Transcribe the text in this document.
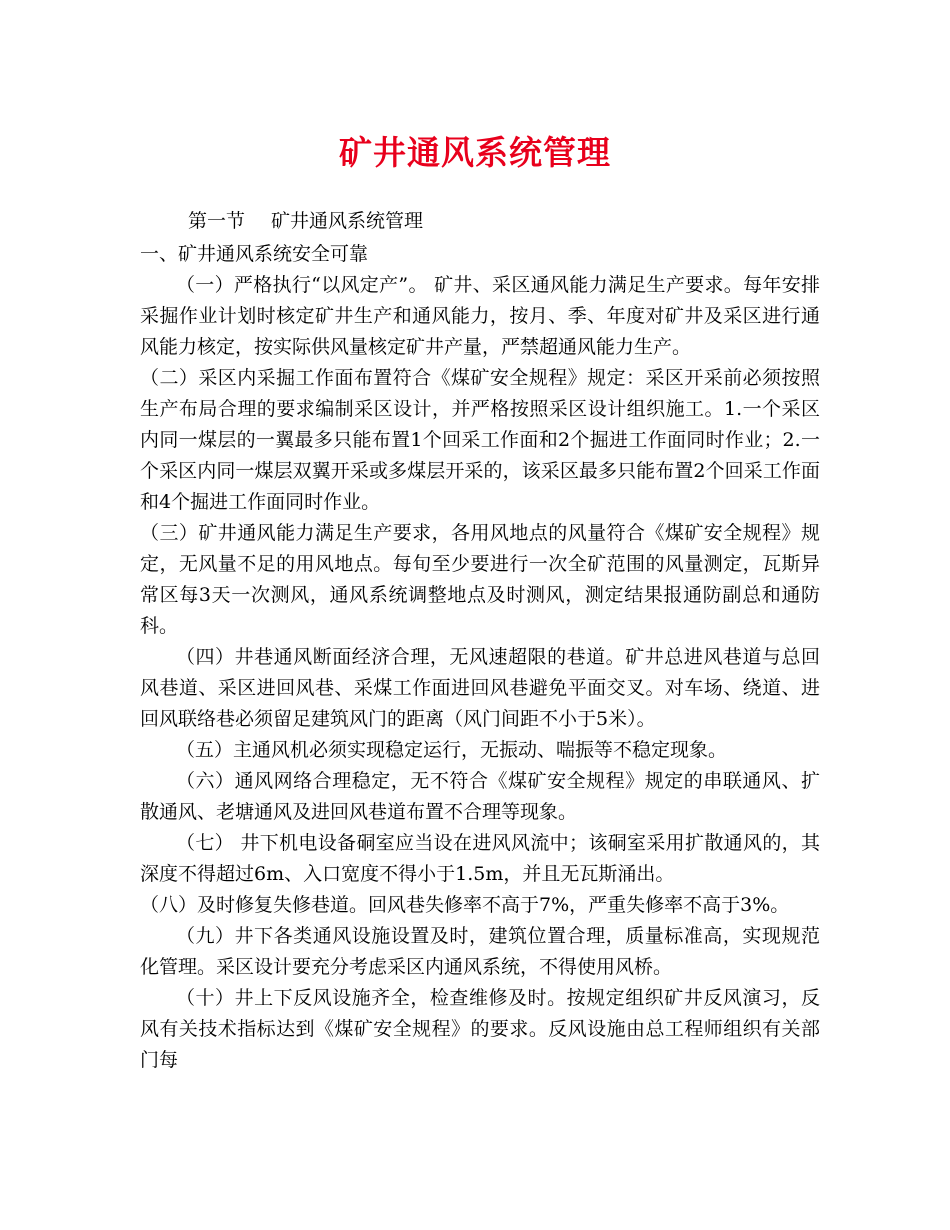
矿井通风系统管理

第一节 矿井通风系统管理

一、矿井通风系统安全可靠

（一）严格执行“以风定产”。 矿井、采区通风能力满足生产要求。每年安排采掘作业计划时核定矿井生产和通风能力，按月、季、年度对矿井及采区进行通风能力核定，按实际供风量核定矿井产量，严禁超通风能力生产。

（二）采区内采掘工作面布置符合《煤矿安全规程》规定：采区开采前必须按照生产布局合理的要求编制采区设计，并严格按照采区设计组织施工。1.一个采区内同一煤层的一翼最多只能布置1个回采工作面和2个掘进工作面同时作业；2.一个采区内同一煤层双翼开采或多煤层开采的，该采区最多只能布置2个回采工作面和4个掘进工作面同时作业。

（三）矿井通风能力满足生产要求，各用风地点的风量符合《煤矿安全规程》规定，无风量不足的用风地点。每旬至少要进行一次全矿范围的风量测定，瓦斯异常区每3天一次测风，通风系统调整地点及时测风，测定结果报通防副总和通防科。

（四）井巷通风断面经济合理，无风速超限的巷道。矿井总进风巷道与总回风巷道、采区进回风巷、采煤工作面进回风巷避免平面交叉。对车场、绕道、进回风联络巷必须留足建筑风门的距离（风门间距不小于5米）。

（五）主通风机必须实现稳定运行，无振动、喘振等不稳定现象。

（六）通风网络合理稳定，无不符合《煤矿安全规程》规定的串联通风、扩散通风、老塘通风及进回风巷道布置不合理等现象。

（七） 井下机电设备硐室应当设在进风风流中；该硐室采用扩散通风的，其深度不得超过6m、入口宽度不得小于1.5m，并且无瓦斯涌出。

（八）及时修复失修巷道。回风巷失修率不高于7%，严重失修率不高于3%。

（九）井下各类通风设施设置及时，建筑位置合理，质量标准高，实现规范化管理。采区设计要充分考虑采区内通风系统，不得使用风桥。

（十）井上下反风设施齐全，检查维修及时。按规定组织矿井反风演习，反风有关技术指标达到《煤矿安全规程》的要求。反风设施由总工程师组织有关部门每
